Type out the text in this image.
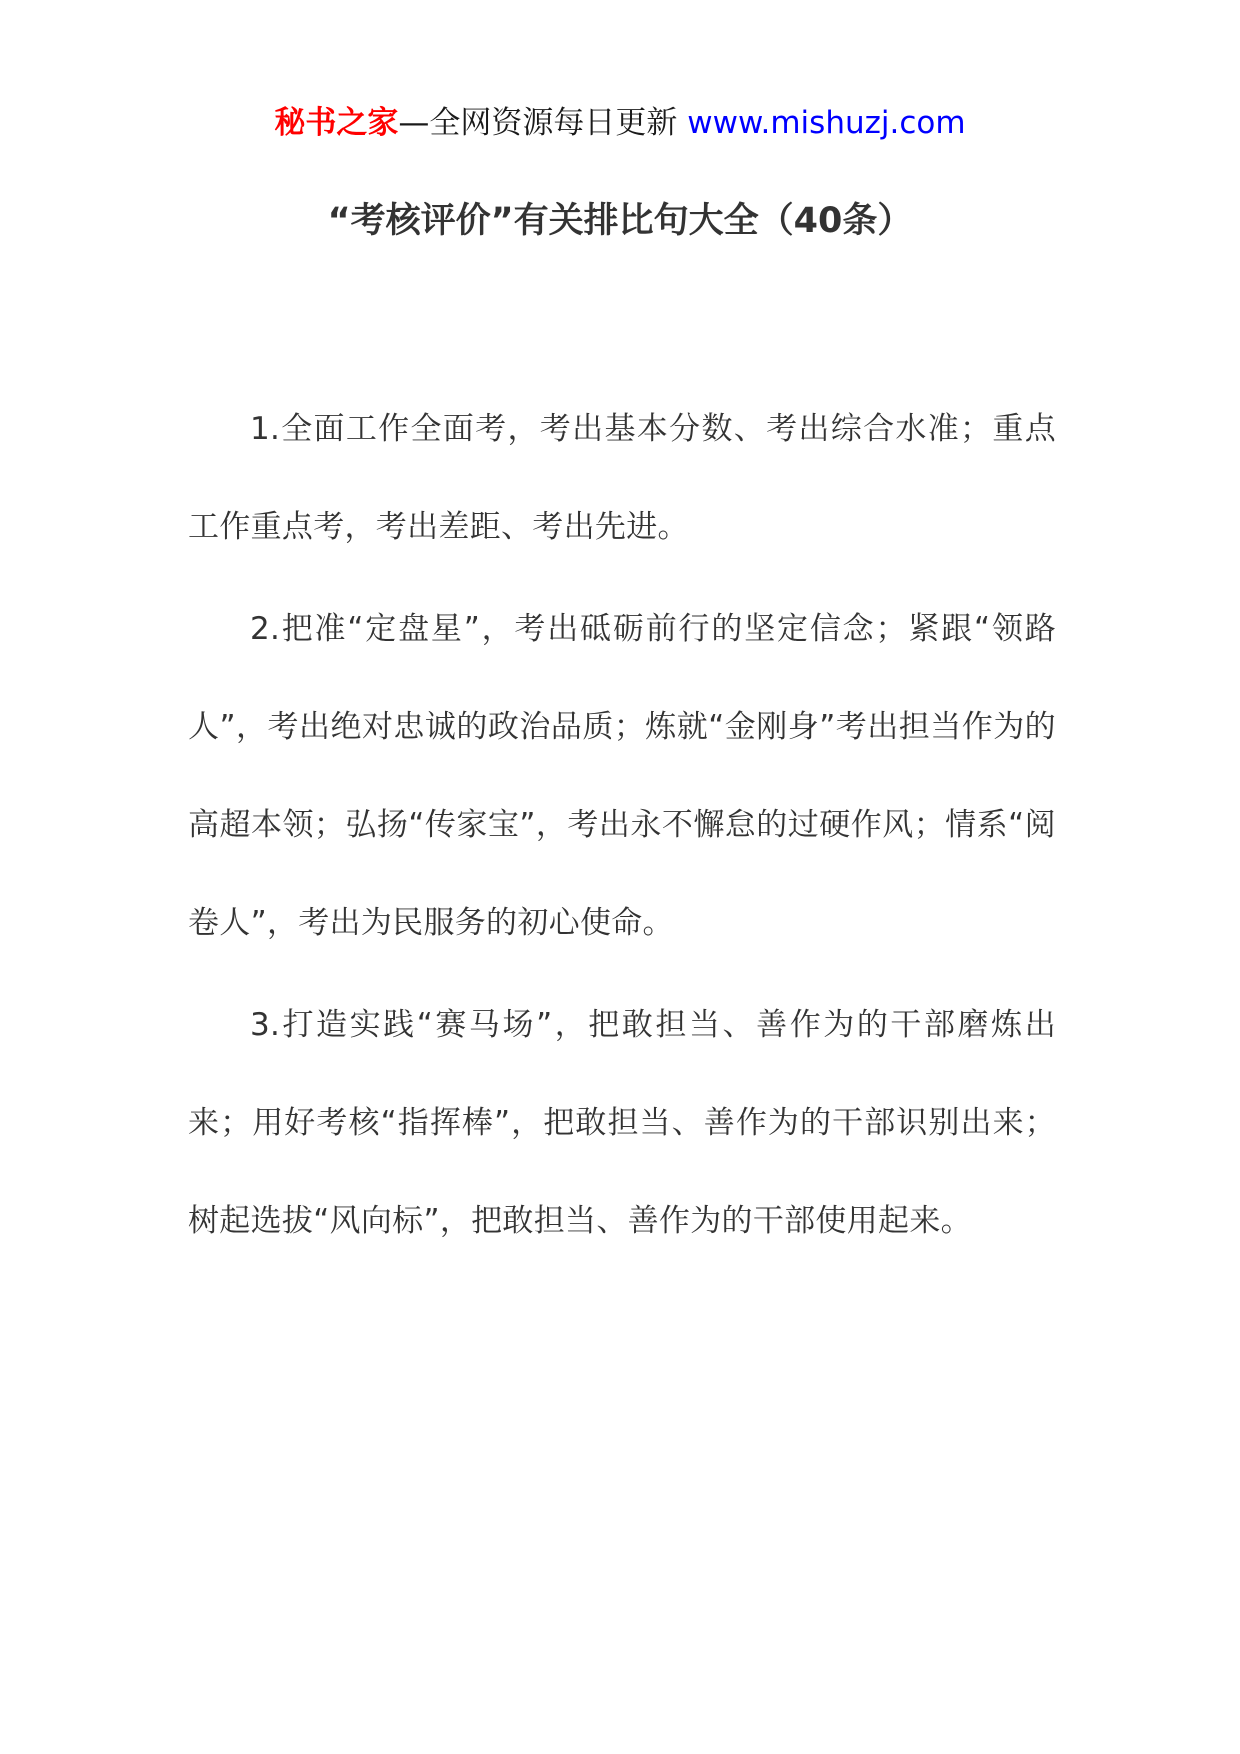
秘书之家—全网资源每日更新 www.mishuzj.com
“考核评价”有关排比句大全（40条）

1.全面工作全面考，考出基本分数、考出综合水准；重点工作重点考，考出差距、考出先进。

2.把准“定盘星”，考出砥砺前行的坚定信念；紧跟“领路人”，考出绝对忠诚的政治品质；炼就“金刚身”考出担当作为的高超本领；弘扬“传家宝”，考出永不懈怠的过硬作风；情系“阅卷人”，考出为民服务的初心使命。

3.打造实践“赛马场”，把敢担当、善作为的干部磨炼出来；用好考核“指挥棒”，把敢担当、善作为的干部识别出来；树起选拔“风向标”，把敢担当、善作为的干部使用起来。
